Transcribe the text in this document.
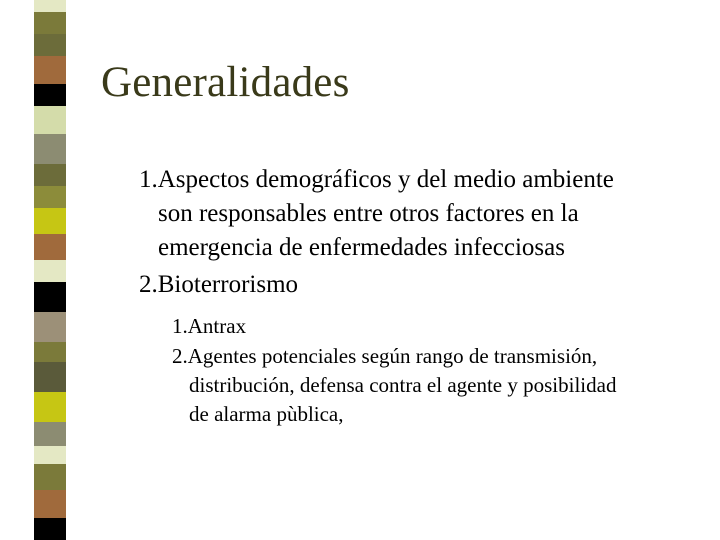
Generalidades
1.Aspectos demográficos y del medio ambiente
son responsables entre otros factores en la
emergencia de enfermedades infecciosas
2.Bioterrorismo
1.Antrax
2.Agentes potenciales según rango de transmisión,
distribución, defensa contra el agente y posibilidad
de alarma pùblica,
